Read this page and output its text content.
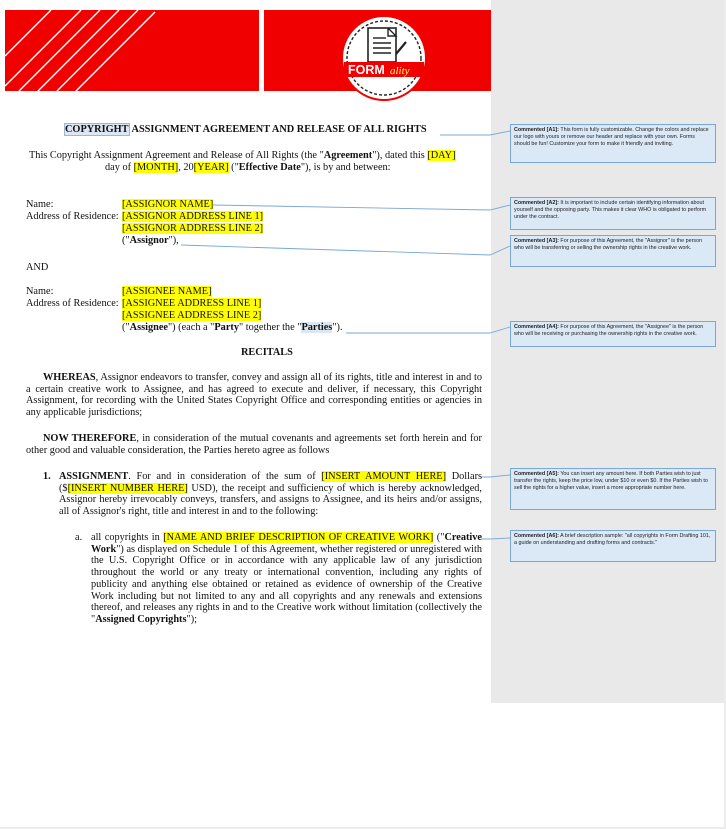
FORM ality
COPYRIGHT ASSIGNMENT AGREEMENT AND RELEASE OF ALL RIGHTS
This Copyright Assignment Agreement and Release of All Rights (the "Agreement"), dated this [DAY]
day of [MONTH], 20[YEAR] ("Effective Date"), is by and between:
Name:
Address of Residence:
[ASSIGNOR NAME]
[ASSIGNOR ADDRESS LINE 1]
[ASSIGNOR ADDRESS LINE 2]
("Assignor"),
AND
Name:
Address of Residence:
[ASSIGNEE NAME]
[ASSIGNEE ADDRESS LINE 1]
[ASSIGNEE ADDRESS LINE 2]
("Assignee") (each a "Party" together the "Parties").
RECITALS
WHEREAS, Assignor endeavors to transfer, convey and assign all of its rights, title and interest in and to a certain creative work to Assignee, and has agreed to execute and deliver, if necessary, this Copyright Assignment, for recording with the United States Copyright Office and corresponding entities or agencies in any applicable jurisdictions;
NOW THEREFORE, in consideration of the mutual covenants and agreements set forth herein and for other good and valuable consideration, the Parties hereto agree as follows
1. ASSIGNMENT. For and in consideration of the sum of [INSERT AMOUNT HERE] Dollars ($[INSERT NUMBER HERE] USD), the receipt and sufficiency of which is hereby acknowledged, Assignor hereby irrevocably conveys, transfers, and assigns to Assignee, and its heirs and/or assigns, all of Assignor's right, title and interest in and to the following:
a. all copyrights in [NAME AND BRIEF DESCRIPTION OF CREATIVE WORK] ("Creative Work") as displayed on Schedule 1 of this Agreement, whether registered or unregistered with the U.S. Copyright Office or in accordance with any applicable law of any jurisdiction throughout the world or any treaty or international convention, including any rights of publicity and anything else obtained or retained as evidence of ownership of the Creative Work including but not limited to any and all copyrights and any renewals and extensions thereof, and releases any rights in and to the Creative work without limitation (collectively the "Assigned Copyrights");
Commented [A1]: This form is fully customizable. Change the colors and replace our logo with yours or remove our header and replace with your own. Forms should be fun! Customize your form to make it friendly and inviting.
Commented [A2]: It is important to include certain identifying information about yourself and the opposing party. This makes it clear WHO is obligated to perform under the contract.
Commented [A3]: For purpose of this Agreement, the "Assignor" is the person who will be transferring or selling the ownership rights in the creative work.
Commented [A4]: For purpose of this Agreement, the "Assignee" is the person who will be receiving or purchasing the ownership rights in the creative work.
Commented [A5]: You can insert any amount here. If both Parties wish to just transfer the rights, keep the price low, under $10 or even $0. If the Parties wish to sell the rights for a higher value, insert a more appropriate number here.
Commented [A6]: A brief description sample: "all copyrights in Form Drafting 101, a guide on understanding and drafting forms and contracts."
